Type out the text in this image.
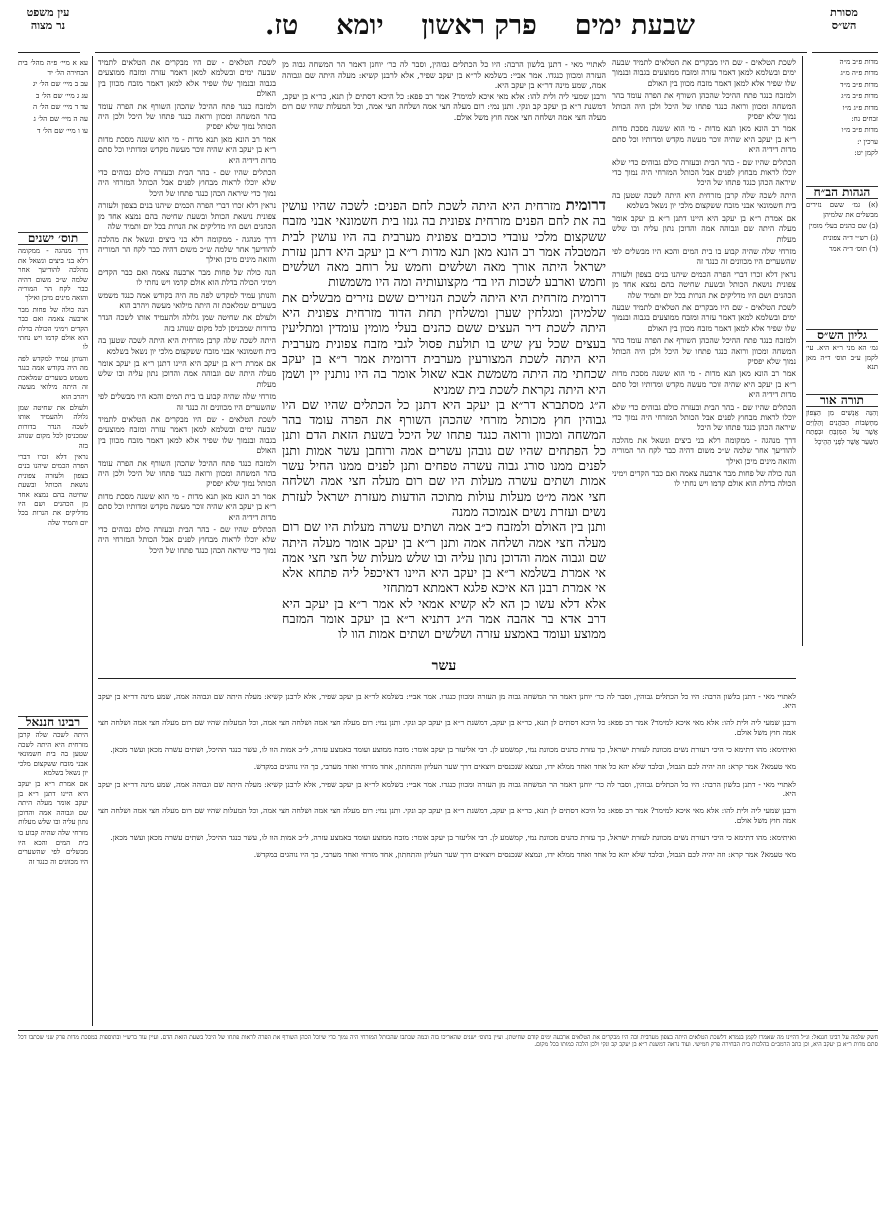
עין משפט
נר מצוה
מסורת
הש״ס
שבעת ימים
פרק ראשון
יומא
טז.

עא א מיי׳ פ״ה מהל׳ בית הבחירה הל׳ יד

עב ב מיי׳ שם הל׳ יג

עג ג מיי׳ שם הל׳ ב

עד ד מיי׳ שם הל׳ ה

עה ה מיי׳ שם הל׳ ג

עו ו מיי׳ שם הל׳ ד

תוס׳ ישנים

דרך מנהגה - ממקומה רלא בני ביצים ונשאל את מהלכה להודיעך אחר שלמה ש״כ משום דהיה כבר לקח הר המוריה והזאה מינים מיכן ואילך

הנה כולה של פחות מבר ארבעה צאמה ואם כבר הקדים וימיני הכולה בדלת הוא אולם קדמו ויש נחתי לו

והנותן עמיד למקדש לפה מה היה בקודש אמה כנגד משמש בשערים שמלאכת זה היתה מילואי מעשה ויהרב הוא

ולעולם את שחיטה שמן גלולה ולהעמיד אותו לשכה הנדר בדורות שמכניסן לכל מקום שנוהג בזה

נראין דלא זכרו דברי הפרה הכמים שיהנו בנים בצפון ולעזרה צפונית נושאת הכותל ובשעת שחיטה בהם נמצא אחד מן הכהנים ושם היו מדליקים את הנרות בכל יום ותמיד שלה

רבינו חננאל

היתה לשכה שלה קרבן מזרחית היא היתה לשכה שטען בה בית חשמונאי אבני מזבח ששקצום מלכי יון נשאל בשלמא

אם אמרת ר״א בן יעקב היא היינו דתנן ר״א בן יעקב אומר מעלה היתה שם וגבוהה אמה והדוכן נתון עליה ובו שלש מעלות

מזרחי שלה שהיה קבוע בו בית המים והכא היו מבשלים לפי שהשערים היו מכוונים זה כנגד זה

מדות פ״ב מ״ה

מדות פ״ה מ״ג

מדות פ״ב מ״ד

מדות פ״ב מ״ג

מדות פ״ג מ״ו

זבחים נח:

מדות פ״ב מ״ו

ערכין י:

לקמן יט:

הגהות הב״ח

(א) גמ׳ ששם נזירים מבשלים את שלמיהן

(ב) שם כהנים בעלי מומין

(ג) רש״י ד״ה צפונית

(ד) תוס׳ ד״ה אמר

גליון הש״ס

גמ׳ הא מני ר״א היא. עי׳ לקמן ע״ב תוס׳ ד״ה מאן תנא

תורה אור

וְהִנֵּה אֲנָשִׁים מִן הַצָּפוֹן מַחְשְׂבוֹת הַכֹּהֲנִים וְהַלְוִיִּם אֲשֶׁר עַל הַמִּזְבֵּחַ וּבְפֶתַח הַשַּׁעַר אֲשֶׁר לִפְנֵי הַהֵיכָל

לשכת הטלאים - שם היו מבקרים את הטלאים לתמיד שבעה ימים ובשלמא למאן דאמר עזרה ומזבח ממוצעים בגבוה ובנמוך שלו שפיר אלא למאן דאמר מזבח מכוון בין האולם

ולמזבח כנגד פתח ההיכל שהכהן השורף את הפרה עומד בהר המשחה ומכוון ורואה כנגד פתחו של היכל ולכן היה הכותל נמוך שלא יפסיק

אמר רב הונא מאן תנא מדות - מי הוא ששנה מסכת מדות ר״א בן יעקב היא שהיה זוכר מעשה מקדש ומדותיו וכל סתם מדות דידיה היא

הכתלים שהיו שם - בהר הבית ובעזרה כולם גבוהים כדי שלא יוכלו לראות מבחוץ לפנים אבל הכותל המזרחי היה נמוך כדי שיראה הכהן כנגד פתחו של היכל

נראין דלא זכרו דברי הפרה הכמים שיהנו בנים בצפון ולעזרה צפונית נושאת הכותל ובשעת שחיטה בהם נמצא אחד מן הכהנים ושם היו מדליקים את הנרות בכל יום ותמיד שלה

דרך מנהגה - ממקומה רלא בני ביצים ונשאל את מהלכה להודיעך אחר שלמה ש״כ משום דהיה כבר לקח הר המוריה והזאה מינים מיכן ואילך

הנה כולה של פחות מבר ארבעה צאמה ואם כבר הקדים וימיני הכולה בדלת הוא אולם קדמו ויש נחתי לו

והנותן עמיד למקדש לפה מה היה בקודש אמה כנגד משמש בשערים שמלאכת זה היתה מילואי מעשה ויהרב הוא

ולעולם את שחיטה שמן גלולה ולהעמיד אותו לשכה הנדר בדורות שמכניסן לכל מקום שנוהג בזה

היתה לשכה שלה קרבן מזרחית היא היתה לשכה שטען בה בית חשמונאי אבני מזבח ששקצום מלכי יון נשאל בשלמא

אם אמרת ר״א בן יעקב היא היינו דתנן ר״א בן יעקב אומר מעלה היתה שם וגבוהה אמה והדוכן נתון עליה ובו שלש מעלות

מזרחי שלה שהיה קבוע בו בית המים והכא היו מבשלים לפי שהשערים היו מכוונים זה כנגד זה

לשכת הטלאים - שם היו מבקרים את הטלאים לתמיד שבעה ימים ובשלמא למאן דאמר עזרה ומזבח ממוצעים בגבוה ובנמוך שלו שפיר אלא למאן דאמר מזבח מכוון בין האולם

ולמזבח כנגד פתח ההיכל שהכהן השורף את הפרה עומד בהר המשחה ומכוון ורואה כנגד פתחו של היכל ולכן היה הכותל נמוך שלא יפסיק

אמר רב הונא מאן תנא מדות - מי הוא ששנה מסכת מדות ר״א בן יעקב היא שהיה זוכר מעשה מקדש ומדותיו וכל סתם מדות דידיה היא

הכתלים שהיו שם - בהר הבית ובעזרה כולם גבוהים כדי שלא יוכלו לראות מבחוץ לפנים אבל הכותל המזרחי היה נמוך כדי שיראה הכהן כנגד פתחו של היכל

לשכת הטלאים - שם היו מבקרים את הטלאים לתמיד שבעה ימים ובשלמא למאן דאמר עזרה ומזבח ממוצעים בגבוה ובנמוך שלו שפיר אלא למאן דאמר מזבח מכוון בין האולם

ולמזבח כנגד פתח ההיכל שהכהן השורף את הפרה עומד בהר המשחה ומכוון ורואה כנגד פתחו של היכל ולכן היה הכותל נמוך שלא יפסיק

אמר רב הונא מאן תנא מדות - מי הוא ששנה מסכת מדות ר״א בן יעקב היא שהיה זוכר מעשה מקדש ומדותיו וכל סתם מדות דידיה היא

הכתלים שהיו שם - בהר הבית ובעזרה כולם גבוהים כדי שלא יוכלו לראות מבחוץ לפנים אבל הכותל המזרחי היה נמוך כדי שיראה הכהן כנגד פתחו של היכל

היתה לשכה שלה קרבן מזרחית היא היתה לשכה שטען בה בית חשמונאי אבני מזבח ששקצום מלכי יון נשאל בשלמא

אם אמרת ר״א בן יעקב היא היינו דתנן ר״א בן יעקב אומר מעלה היתה שם וגבוהה אמה והדוכן נתון עליה ובו שלש מעלות

מזרחי שלה שהיה קבוע בו בית המים והכא היו מבשלים לפי שהשערים היו מכוונים זה כנגד זה

נראין דלא זכרו דברי הפרה הכמים שיהנו בנים בצפון ולעזרה צפונית נושאת הכותל ובשעת שחיטה בהם נמצא אחד מן הכהנים ושם היו מדליקים את הנרות בכל יום ותמיד שלה

לשכת הטלאים - שם היו מבקרים את הטלאים לתמיד שבעה ימים ובשלמא למאן דאמר עזרה ומזבח ממוצעים בגבוה ובנמוך שלו שפיר אלא למאן דאמר מזבח מכוון בין האולם

ולמזבח כנגד פתח ההיכל שהכהן השורף את הפרה עומד בהר המשחה ומכוון ורואה כנגד פתחו של היכל ולכן היה הכותל נמוך שלא יפסיק

אמר רב הונא מאן תנא מדות - מי הוא ששנה מסכת מדות ר״א בן יעקב היא שהיה זוכר מעשה מקדש ומדותיו וכל סתם מדות דידיה היא

הכתלים שהיו שם - בהר הבית ובעזרה כולם גבוהים כדי שלא יוכלו לראות מבחוץ לפנים אבל הכותל המזרחי היה נמוך כדי שיראה הכהן כנגד פתחו של היכל

דרך מנהגה - ממקומה רלא בני ביצים ונשאל את מהלכה להודיעך אחר שלמה ש״כ משום דהיה כבר לקח הר המוריה והזאה מינים מיכן ואילך

הנה כולה של פחות מבר ארבעה צאמה ואם כבר הקדים וימיני הכולה בדלת הוא אולם קדמו ויש נחתי לו

דרומית מזרחית היא היתה לשכת לחם הפנים: לשכה שהיו עושין בה את לחם הפנים מזרחית צפונית בה גנזו בית חשמונאי אבני מזבח ששקצום מלכי עובדי כוכבים צפונית מערבית בה היו עושין לבית המטבלה אמר רב הונא מאן תנא מדות ר״א בן יעקב היא דתנן עזרת ישראל היתה אורך מאה ושלשים וחמש על רוחב מאה ושלשים וחמש וארבע לשכות היו בד׳ מקצועותיה ומה היו משמשות

דרומית מזרחית היא היתה לשכת הנזירים ששם נזירים מבשלים את שלמיהן ומגלחין שערן ומשלחין תחת הדוד מזרחית צפונית היא היתה לשכת דיר העצים ששם כהנים בעלי מומין עומדין ומתליעין בעצים שכל עץ שיש בו תולעת פסול לגבי מזבח צפונית מערבית היא היתה לשכת המצורעין מערבית דרומית אמר ר״א בן יעקב שכחתי מה היתה משמשת אבא שאול אומר בה היו נותנין יין ושמן היא היתה נקראת לשכת בית שמניא

ה״ג מסתברא דר״א בן יעקב היא דתנן כל הכתלים שהיו שם היו גבוהין חוץ מכותל מזרחי שהכהן השורף את הפרה עומד בהר המשחה ומכוון ורואה כנגד פתחו של היכל בשעת הזאת הדם ותנן כל הפתחים שהיו שם גובהן עשרים אמה ורוחבן עשר אמות ותנן לפנים ממנו סורג גבוה עשרה טפחים ותנן לפנים ממנו החיל עשר אמות ושתים עשרה מעלות היו שם רום מעלה חצי אמה ושלחה חצי אמה מ״ט מעלות עולות מתוכה הודעות מעזרת ישראל לעזרת נשים ועזרת נשים אנמוכה ממנה

ותנן בין האולם ולמזבח כ״ב אמה ושתים עשרה מעלות היו שם רום מעלה חצי אמה ושלחה אמה ותנן ר״א בן יעקב אומר מעלה היתה שם וגבוה אמה והדוכן נתון עליה ובו שלש מעלות של חצי חצי אמה אי אמרת בשלמא ר״א בן יעקב היא היינו דאיכפל ליה פתחא אלא אי אמרת רבנן הא איכא פלגא דאמתא דמתחזי

אלא דלא עשו כן הא לא קשיא אמאי לא אמר ר״א בן יעקב היא דרב אדא בר אהבה אמר ה״ג דתניא ר״א בן יעקב אומר המזבח ממוצע ועומד באמצע עזרה ושלשים ושתים אמות הוו לו

לאתויי מאי - דתנן בלשון הרבה: היו כל הכתלים גבוהין, וסבר לה כר׳ יוחנן דאמר הר המשחה גבוה מן העזרה ומכוון כנגדו. אמר אביי: בשלמא לר״א בן יעקב שפיר, אלא לרבנן קשיא: מעלה היתה שם וגבוהה אמה, שמע מינה דר״א בן יעקב היא.

ורבנן שמעי ליה ולית להו: אלא מאי איכא למימר? אמר רב פפא: כל היכא דסתים לן תנא, כר״א בן יעקב, דמשנת ר״א בן יעקב קב ונקי. ותנן נמי: רום מעלה חצי אמה ושלחה חצי אמה, וכל המעלות שהיו שם רום מעלה חצי אמה ושלחה חצי אמה חוץ משל אולם.

עשר

לאתויי מאי - דתנן בלשון הרבה: היו כל הכתלים גבוהין, וסבר לה כר׳ יוחנן דאמר הר המשחה גבוה מן העזרה ומכוון כנגדו. אמר אביי: בשלמא לר״א בן יעקב שפיר, אלא לרבנן קשיא: מעלה היתה שם וגבוהה אמה, שמע מינה דר״א בן יעקב היא.

ורבנן שמעי ליה ולית להו: אלא מאי איכא למימר? אמר רב פפא: כל היכא דסתים לן תנא, כר״א בן יעקב, דמשנת ר״א בן יעקב קב ונקי. ותנן נמי: רום מעלה חצי אמה ושלחה חצי אמה, וכל המעלות שהיו שם רום מעלה חצי אמה ושלחה חצי אמה חוץ משל אולם.

ואיתימא: מהו דתימא כי היכי דעזרת נשים מכוונת לעזרת ישראל, כך עזרת כהנים מכוונת נמי, קמשמע לן. רבי אליעזר בן יעקב אומר: מזבח ממוצע ועומד באמצע עזרה, ל״ב אמות הוו לו, עשר כנגד ההיכל, ושתים עשרה מכאן ועשר מכאן.

מאי טעמא? אמר קרא: וזה יהיה לכם הגבול, ובלבד שלא יהא כל אחד ואחד ממלא ידו, ונמצא שנכנסים ויוצאים דרך שער העליון והתחתון, אחד מזרחי ואחד מערבי, כך היו נוהגים במקדש.

לאתויי מאי - דתנן בלשון הרבה: היו כל הכתלים גבוהין, וסבר לה כר׳ יוחנן דאמר הר המשחה גבוה מן העזרה ומכוון כנגדו. אמר אביי: בשלמא לר״א בן יעקב שפיר, אלא לרבנן קשיא: מעלה היתה שם וגבוהה אמה, שמע מינה דר״א בן יעקב היא.

ורבנן שמעי ליה ולית להו: אלא מאי איכא למימר? אמר רב פפא: כל היכא דסתים לן תנא, כר״א בן יעקב, דמשנת ר״א בן יעקב קב ונקי. ותנן נמי: רום מעלה חצי אמה ושלחה חצי אמה, וכל המעלות שהיו שם רום מעלה חצי אמה ושלחה חצי אמה חוץ משל אולם.

ואיתימא: מהו דתימא כי היכי דעזרת נשים מכוונת לעזרת ישראל, כך עזרת כהנים מכוונת נמי, קמשמע לן. רבי אליעזר בן יעקב אומר: מזבח ממוצע ועומד באמצע עזרה, ל״ב אמות הוו לו, עשר כנגד ההיכל, ושתים עשרה מכאן ועשר מכאן.

מאי טעמא? אמר קרא: וזה יהיה לכם הגבול, ובלבד שלא יהא כל אחד ואחד ממלא ידו, ונמצא שנכנסים ויוצאים דרך שער העליון והתחתון, אחד מזרחי ואחד מערבי, כך היו נוהגים במקדש.

חשק שלמה על רבינו חננאל: ונ״ל דהיינו מה שאמרו לקמן בגמרא דלשכת הטלאים היתה בצפון מערבית ובה היו מבקרים את הטלאים ארבעה ימים קודם שחיטתן. ועיין בתוס׳ ישנים שהאריכו בזה ובמה שכתבו שהכותל המזרחי היה נמוך כדי שיוכל הכהן השורף את הפרה לראות פתחו של היכל בשעת הזאת הדם. ועיין עוד ברש״י ובתוספות במסכת מדות פרק שני שכתבו דכל סתם מדות ר״א בן יעקב היא, וכן כתב הרמב״ם בהלכות בית הבחירה פרק חמישי. ועוד נראה דמשנת ר״א בן יעקב קב ונקי ולכן הלכה כמותו בכל מקום.
